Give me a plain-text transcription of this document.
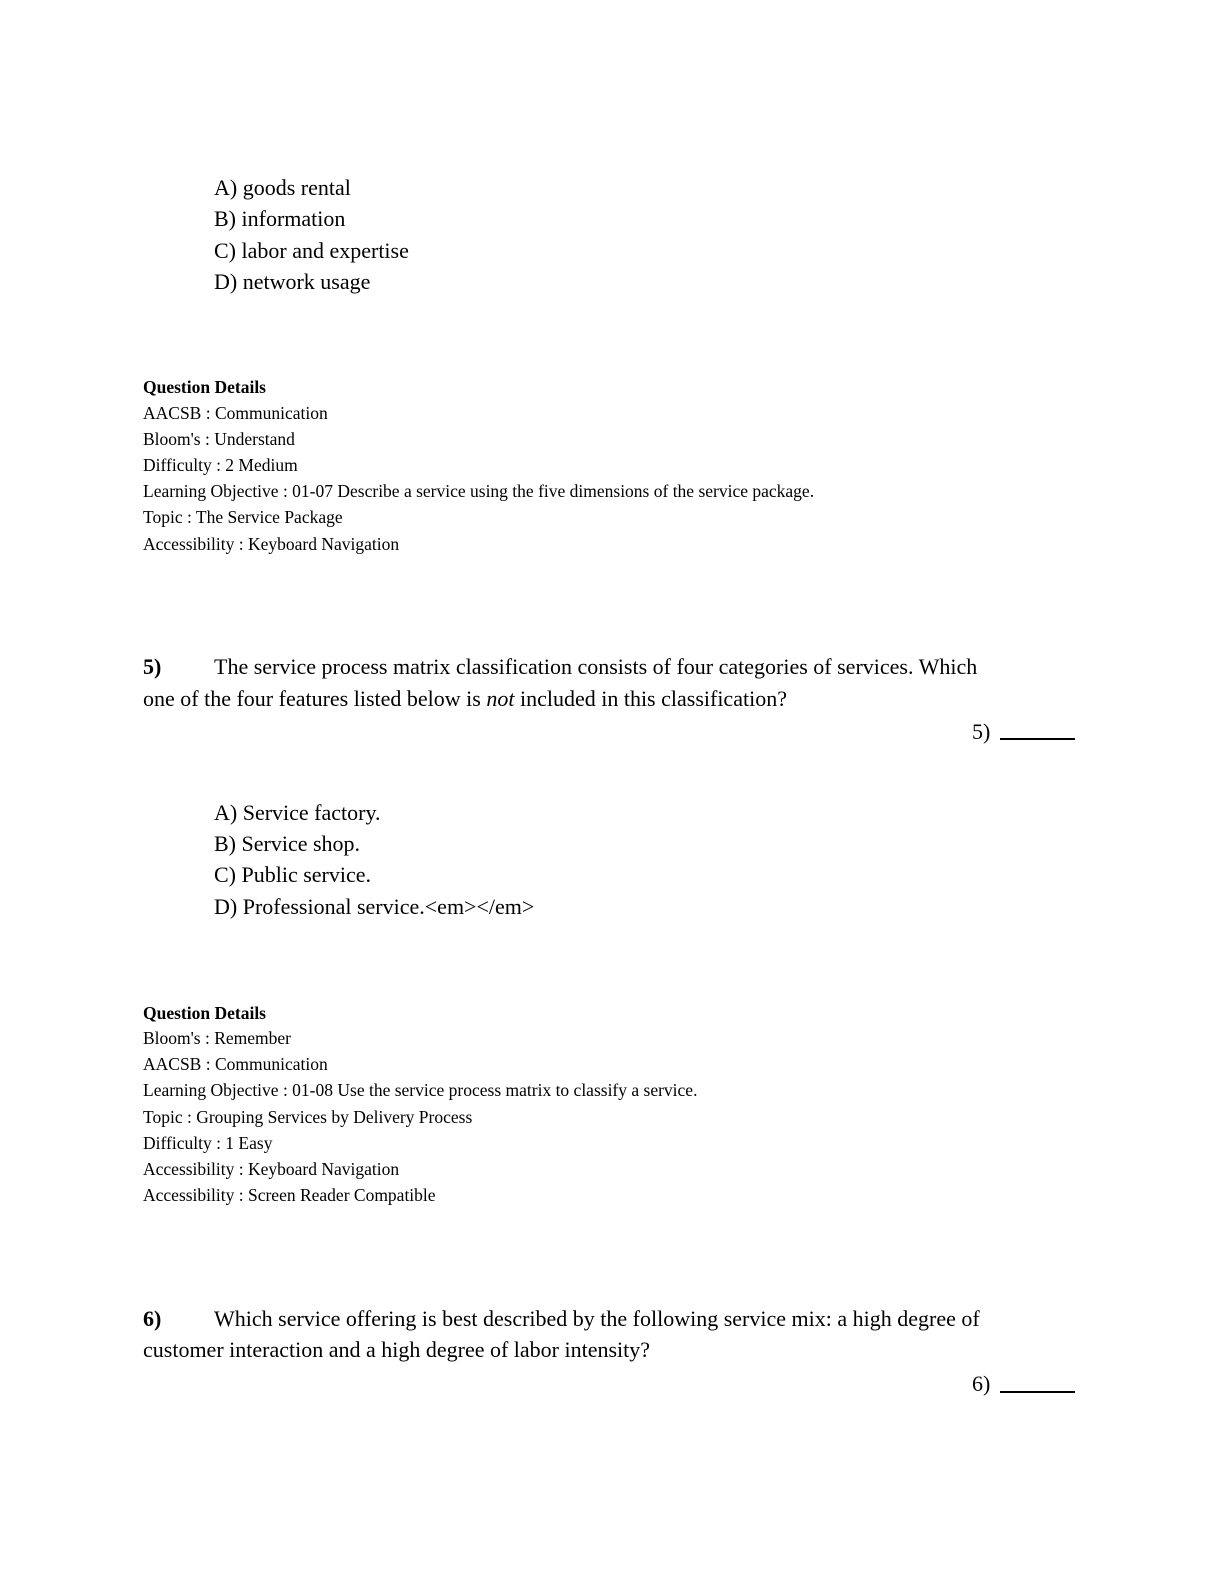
A) goods rental
B) information
C) labor and expertise
D) network usage
Question Details
AACSB : Communication
Bloom's : Understand
Difficulty : 2 Medium
Learning Objective : 01-07 Describe a service using the five dimensions of the service package.
Topic : The Service Package
Accessibility : Keyboard Navigation
5) The service process matrix classification consists of four categories of services. Which
one of the four features listed below is not included in this classification?
5)
A) Service factory.
B) Service shop.
C) Public service.
D) Professional service.<em></em>
Question Details
Bloom's : Remember
AACSB : Communication
Learning Objective : 01-08 Use the service process matrix to classify a service.
Topic : Grouping Services by Delivery Process
Difficulty : 1 Easy
Accessibility : Keyboard Navigation
Accessibility : Screen Reader Compatible
6) Which service offering is best described by the following service mix: a high degree of
customer interaction and a high degree of labor intensity?
6)
